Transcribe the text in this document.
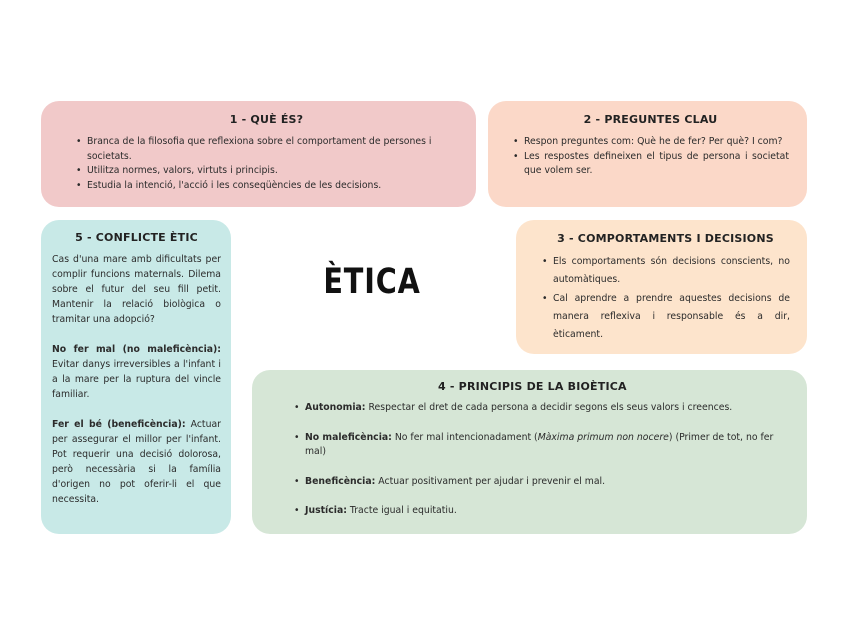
1 - QUÈ ÉS?
• Branca de la filosofia que reflexiona sobre el comportament de persones i societats.
• Utilitza normes, valors, virtuts i principis.
• Estudia la intenció, l'acció i les conseqüències de les decisions.
2 - PREGUNTES CLAU
• Respon preguntes com: Què he de fer? Per què? I com?
• Les respostes defineixen el tipus de persona i societat que volem ser.
5 - CONFLICTE ÈTIC

Cas d'una mare amb dificultats per complir funcions maternals. Dilema sobre el futur del seu fill petit. Mantenir la relació biològica o tramitar una adopció?

No fer mal (no maleficència): Evitar danys irreversibles a l'infant i a la mare per la ruptura del vincle familiar.

Fer el bé (beneficència): Actuar per assegurar el millor per l'infant. Pot requerir una decisió dolorosa, però necessària si la família d'origen no pot oferir-li el que necessita.

ÈTICA
3 - COMPORTAMENTS I DECISIONS
• Els comportaments són decisions conscients, no automàtiques.
• Cal aprendre a prendre aquestes decisions de manera reflexiva i responsable és a dir, èticament.
4 - PRINCIPIS DE LA BIOÈTICA
• Autonomia: Respectar el dret de cada persona a decidir segons els seus valors i creences.
• No maleficència: No fer mal intencionadament (Màxima primum non nocere) (Primer de tot, no fer mal)
• Beneficència: Actuar positivament per ajudar i prevenir el mal.
• Justícia: Tracte igual i equitatiu.
